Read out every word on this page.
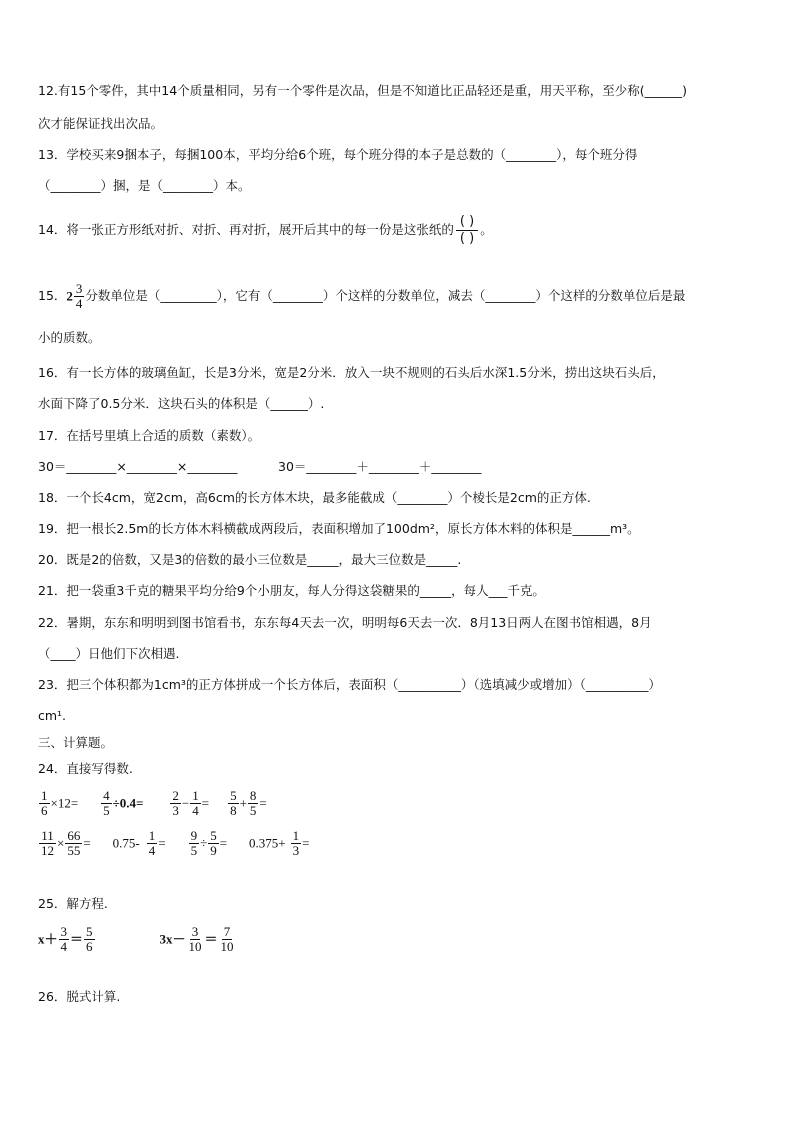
12.有15个零件，其中14个质量相同，另有一个零件是次品，但是不知道比正品轻还是重，用天平称，至少称(______)
次才能保证找出次品。
13．学校买来9捆本子，每捆100本，平均分给6个班，每个班分得的本子是总数的（________），每个班分得
（________）捆，是（________）本。
14．将一张正方形纸对折、对折、再对折，展开后其中的每一份是这张纸的
( )
( )
。
15．$2 \frac{3}{4}$ 分数单位是（_________），它有（________）个这样的分数单位，减去（________）个这样的分数单位后是最
小的质数。
16．有一长方体的玻璃鱼缸，长是3分米，宽是2分米．放入一块不规则的石头后水深1.5分米，捞出这块石头后，
水面下降了0.5分米．这块石头的体积是（______）.
17．在括号里填上合适的质数（素数）。
30＝________×________×________	30＝________＋________＋________
18．一个长4cm，宽2cm，高6cm的长方体木块，最多能截成（________）个棱长是2cm的正方体.
19．把一根长2.5m的长方体木料横截成两段后，表面积增加了100dm²，原长方体木料的体积是______m³。
20．既是2的倍数，又是3的倍数的最小三位数是_____，最大三位数是_____.
21．把一袋重3千克的糖果平均分给9个小朋友，每人分得这袋糖果的_____，每人___千克。
22．暑期，东东和明明到图书馆看书，东东每4天去一次，明明每6天去一次．8月13日两人在图书馆相遇，8月
（____）日他们下次相遇.
23．把三个体积都为1cm³的正方体拼成一个长方体后，表面积（__________）（选填减少或增加）（__________）
cm¹.
三、计算题。
24．直接写得数.
$\frac{1}{6} \times 12= \frac{4}{5} \div 0.4= \frac{2}{3} - \frac{1}{4} = \frac{5}{8} + \frac{8}{5}$ =
$\frac{11}{12} \times \frac{66}{55} = 0.75- \frac{1}{4} = \frac{9}{5} \div \frac{5}{9} = 0.375+ \frac{1}{3}$ =
25．解方程.
$x+ \frac{3}{4} = \frac{5}{6}$	$3x- \frac{3}{10} = \frac{7}{10}$
26．脱式计算.
